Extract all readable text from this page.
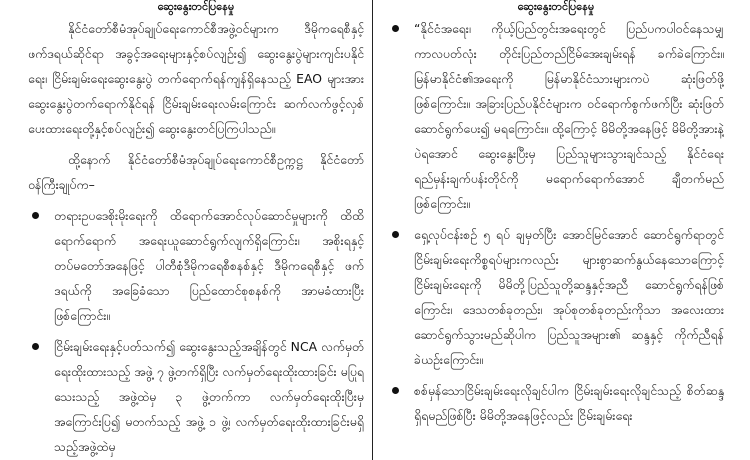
ဆွေးနွေးတင်ပြနေမှု

နိုင်ငံတော်စီမံအုပ်ချုပ်ရေးကောင်စီအဖွဲ့ဝင်များက ဒီမိုကရေစီနှင့် ဖက်ဒရယ်ဆိုင်ရာ အခွင့်အရေးများနှင့်စပ်လျဉ်း၍ ဆွေးနွေးပွဲများကျင်းပနိုင်ရေး၊ ငြိမ်းချမ်းရေးဆွေးနွေးပွဲ တက်ရောက်ရန်ကျန်ရှိနေသည့် EAO များအား ဆွေးနွေးပွဲတက်ရောက်နိုင်ရန် ငြိမ်းချမ်းရေးလမ်းကြောင်း ဆက်လက်ဖွင့်လှစ်ပေးထားရေးတို့နှင့်စပ်လျဉ်း၍ ဆွေးနွေးတင်ပြကြပါသည်။

ထို့နောက် နိုင်ငံတော်စီမံအုပ်ချုပ်ရေးကောင်စီဥက္ကဋ္ဌ နိုင်ငံတော်ဝန်ကြီးချုပ်က–

တရားဥပဒေစိုးမိုးရေးကို ထိရောက်အောင်လုပ်ဆောင်မှုများကို ထိထိရောက်ရောက် အရေးယူဆောင်ရွက်လျက်ရှိကြောင်း၊ အစိုးရနှင့် တပ်မတော်အနေဖြင့် ပါတီစုံဒီမိုကရေစီစနစ်နှင့် ဒီမိုကရေစီနှင့် ဖက်ဒရယ်ကို အခြေခံသော ပြည်ထောင်စုစနစ်ကို အာမခံထားပြီးဖြစ်ကြောင်း။

ငြိမ်းချမ်းရေးနှင့်ပတ်သက်၍ ဆွေးနွေးသည့်အချိန်တွင် NCA လက်မှတ်ရေးထိုးထားသည့် အဖွဲ့ ၇ ဖွဲ့တက်ရှိပြီး လက်မှတ်ရေးထိုးထားခြင်း မပြုရသေးသည့် အဖွဲ့ထဲမှ ၃ ဖွဲ့တက်ကာ လက်မှတ်ရေးထိုးပြီးမှ အကြောင်းပြ၍ မတက်သည့် အဖွဲ့ ၁ ဖွဲ့၊ လက်မှတ်ရေးထိုးထားခြင်းမရှိသည့်အဖွဲ့ထဲမှ

ဆွေးနွေးတင်ပြနေမှု

“နိုင်ငံအရေး၊ ကိုယ့်ပြည်တွင်းအရေးတွင် ပြည်ပကပါဝင်နေသမျှ ကာလပတ်လုံး တိုင်းပြည်တည်ငြိမ်အေးချမ်းရန် ခက်ခဲကြောင်း။ မြန်မာနိုင်ငံ၏အရေးကို မြန်မာနိုင်ငံသားများကပဲ ဆုံးဖြတ်ဖို့ဖြစ်ကြောင်း။ အခြားပြည်ပနိုင်ငံများက ဝင်ရောက်စွက်ဖက်ပြီး ဆုံးဖြတ်ဆောင်ရွက်ပေး၍ မရကြောင်း။ ထို့ကြောင့် မိမိတို့အနေဖြင့် မိမိတို့အားနဲ့ပဲရအောင် ဆွေးနွေးပြီးမှ ပြည်သူများသွားချင်သည့် နိုင်ငံရေးရည်မှန်းချက်ပန်းတိုင်ကို မရောက်ရောက်အောင် ချီတက်မည်ဖြစ်ကြောင်း။

ရှေ့လုပ်ငန်းစဉ် ၅ ရပ် ချမှတ်ပြီး အောင်မြင်အောင် ဆောင်ရွက်ရာတွင် ငြိမ်းချမ်းရေးကိစ္စရပ်များကလည်း များစွာဆက်နွယ်နေသောကြောင့် ငြိမ်းချမ်းရေးကို မိမိတို့ပြည်သူတို့ဆန္ဒနှင့်အညီ ဆောင်ရွက်ရန်ဖြစ်ကြောင်း၊ ဒေသတစ်ခုတည်း၊ အုပ်စုတစ်ခုတည်းကိုသာ အလေးထားဆောင်ရွက်သွားမည်ဆိုပါက ပြည်သူအများ၏ ဆန္ဒနှင့် ကိုက်ညီရန်ခဲယဉ်းကြောင်း။

စစ်မှန်သောငြိမ်းချမ်းရေးလိုချင်ပါက ငြိမ်းချမ်းရေးလိုချင်သည့် စိတ်ဆန္ဒရှိရမည်ဖြစ်ပြီး မိမိတို့အနေဖြင့်လည်း ငြိမ်းချမ်းရေး
